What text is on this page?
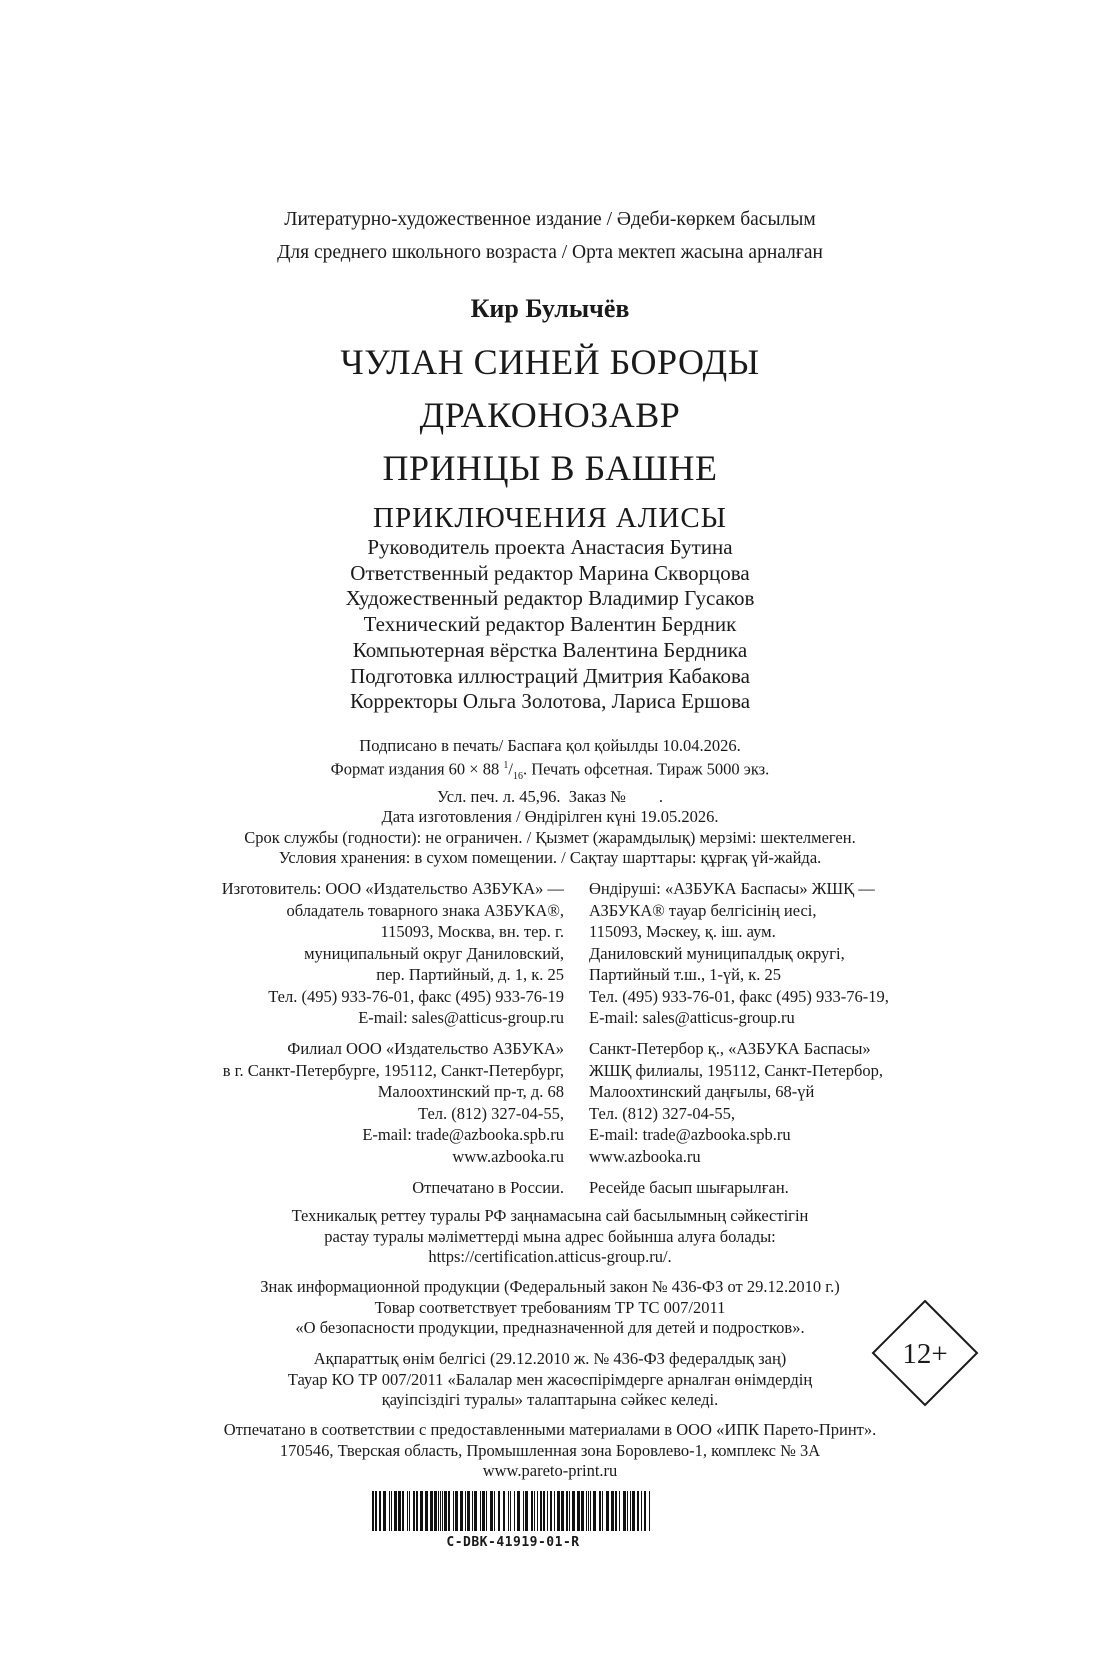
Литературно-художественное издание / Әдеби-көркем басылым
Для среднего школьного возраста / Орта мектеп жасына арналған
Кир Булычёв
ЧУЛАН СИНЕЙ БОРОДЫ
ДРАКОНОЗАВР
ПРИНЦЫ В БАШНЕ
ПРИКЛЮЧЕНИЯ АЛИСЫ
Руководитель проекта Анастасия Бутина
Ответственный редактор Марина Скворцова
Художественный редактор Владимир Гусаков
Технический редактор Валентин Бердник
Компьютерная вёрстка Валентина Бердника
Подготовка иллюстраций Дмитрия Кабакова
Корректоры Ольга Золотова, Лариса Ершова
Подписано в печать/ Баспаға қол қойылды 10.04.2026.
Формат издания 60 × 88 $^1/_{16}$. Печать офсетная. Тираж 5000 экз.
Усл. печ. л. 45,96.  Заказ №        .
Дата изготовления / Өндірілген күні 19.05.2026.
Срок службы (годности): не ограничен. / Қызмет (жарамдылық) мерзімі: шектелмеген.
Условия хранения: в сухом помещении. / Сақтау шарттары: құрғақ үй-жайда.
Изготовитель: ООО «Издательство АЗБУКА» —
обладатель товарного знака АЗБУКА®,
115093, Москва, вн. тер. г.
муниципальный округ Даниловский,
пер. Партийный, д. 1, к. 25
Тел. (495) 933-76-01, факс (495) 933-76-19
E-mail: sales@atticus-group.ru
Өндіруші: «АЗБУКА Баспасы» ЖШҚ —
АЗБУКА® тауар белгісінің иесі,
115093, Мәскеу, қ. іш. аум.
Даниловский муниципалдық округі,
Партийный т.ш., 1-үй, к. 25
Тел. (495) 933-76-01, факс (495) 933-76-19,
E-mail: sales@atticus-group.ru
Филиал ООО «Издательство АЗБУКА»
в г. Санкт-Петербурге, 195112, Санкт-Петербург,
Малоохтинский пр-т, д. 68
Тел. (812) 327-04-55,
E-mail: trade@azbooka.spb.ru
www.azbooka.ru
Санкт-Петербор қ., «АЗБУКА Баспасы»
ЖШҚ филиалы, 195112, Санкт-Петербор,
Малоохтинский даңғылы, 68-үй
Тел. (812) 327-04-55,
E-mail: trade@azbooka.spb.ru
www.azbooka.ru
Отпечатано в России. Ресейде басып шығарылған.
Техникалық реттеу туралы РФ заңнамасына сай басылымның сәйкестігін
растау туралы мәліметтерді мына адрес бойынша алуға болады:
https://certification.atticus-group.ru/.
Знак информационной продукции (Федеральный закон № 436-ФЗ от 29.12.2010 г.)
Товар соответствует требованиям ТР ТС 007/2011
«О безопасности продукции, предназначенной для детей и подростков».
Ақпараттық өнім белгісі (29.12.2010 ж. № 436-ФЗ федералдық заң)
Тауар КО ТР 007/2011 «Балалар мен жасөспірімдерге арналған өнімдердің
қауіпсіздігі туралы» талаптарына сәйкес келеді.
12+
Отпечатано в соответствии с предоставленными материалами в ООО «ИПК Парето-Принт».
170546, Тверская область, Промышленная зона Боровлево-1, комплекс № 3А
www.pareto-print.ru
C-DBK-41919-01-R
